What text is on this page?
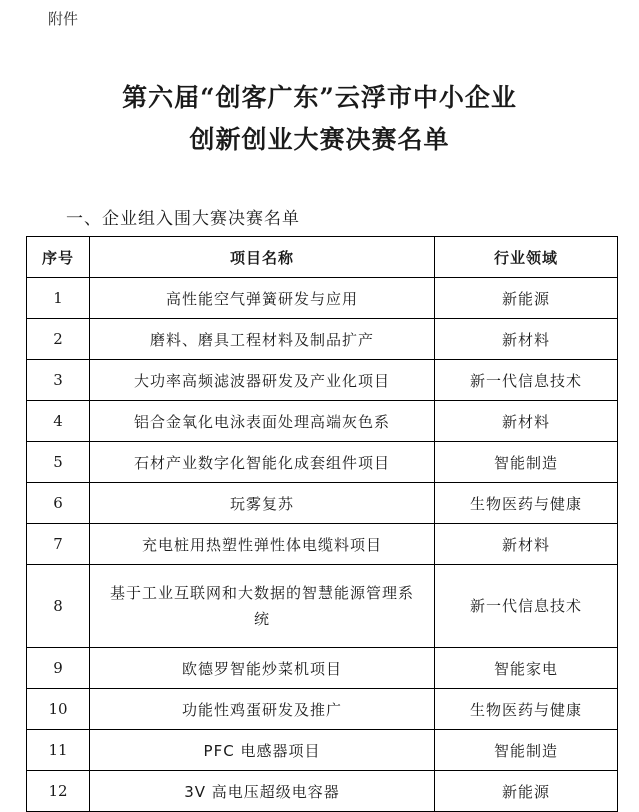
附件
第六届“创客广东”云浮市中小企业
创新创业大赛决赛名单
一、企业组入围大赛决赛名单
序号	项目名称	行业领域
1	高性能空气弹簧研发与应用	新能源
2	磨料、磨具工程材料及制品扩产	新材料
3	大功率高频滤波器研发及产业化项目	新一代信息技术
4	铝合金氧化电泳表面处理高端灰色系	新材料
5	石材产业数字化智能化成套组件项目	智能制造
6	玩雾复苏	生物医药与健康
7	充电桩用热塑性弹性体电缆料项目	新材料
8	基于工业互联网和大数据的智慧能源管理系统	新一代信息技术
9	欧德罗智能炒菜机项目	智能家电
10	功能性鸡蛋研发及推广	生物医药与健康
11	PFC 电感器项目	智能制造
12	3V 高电压超级电容器	新能源
